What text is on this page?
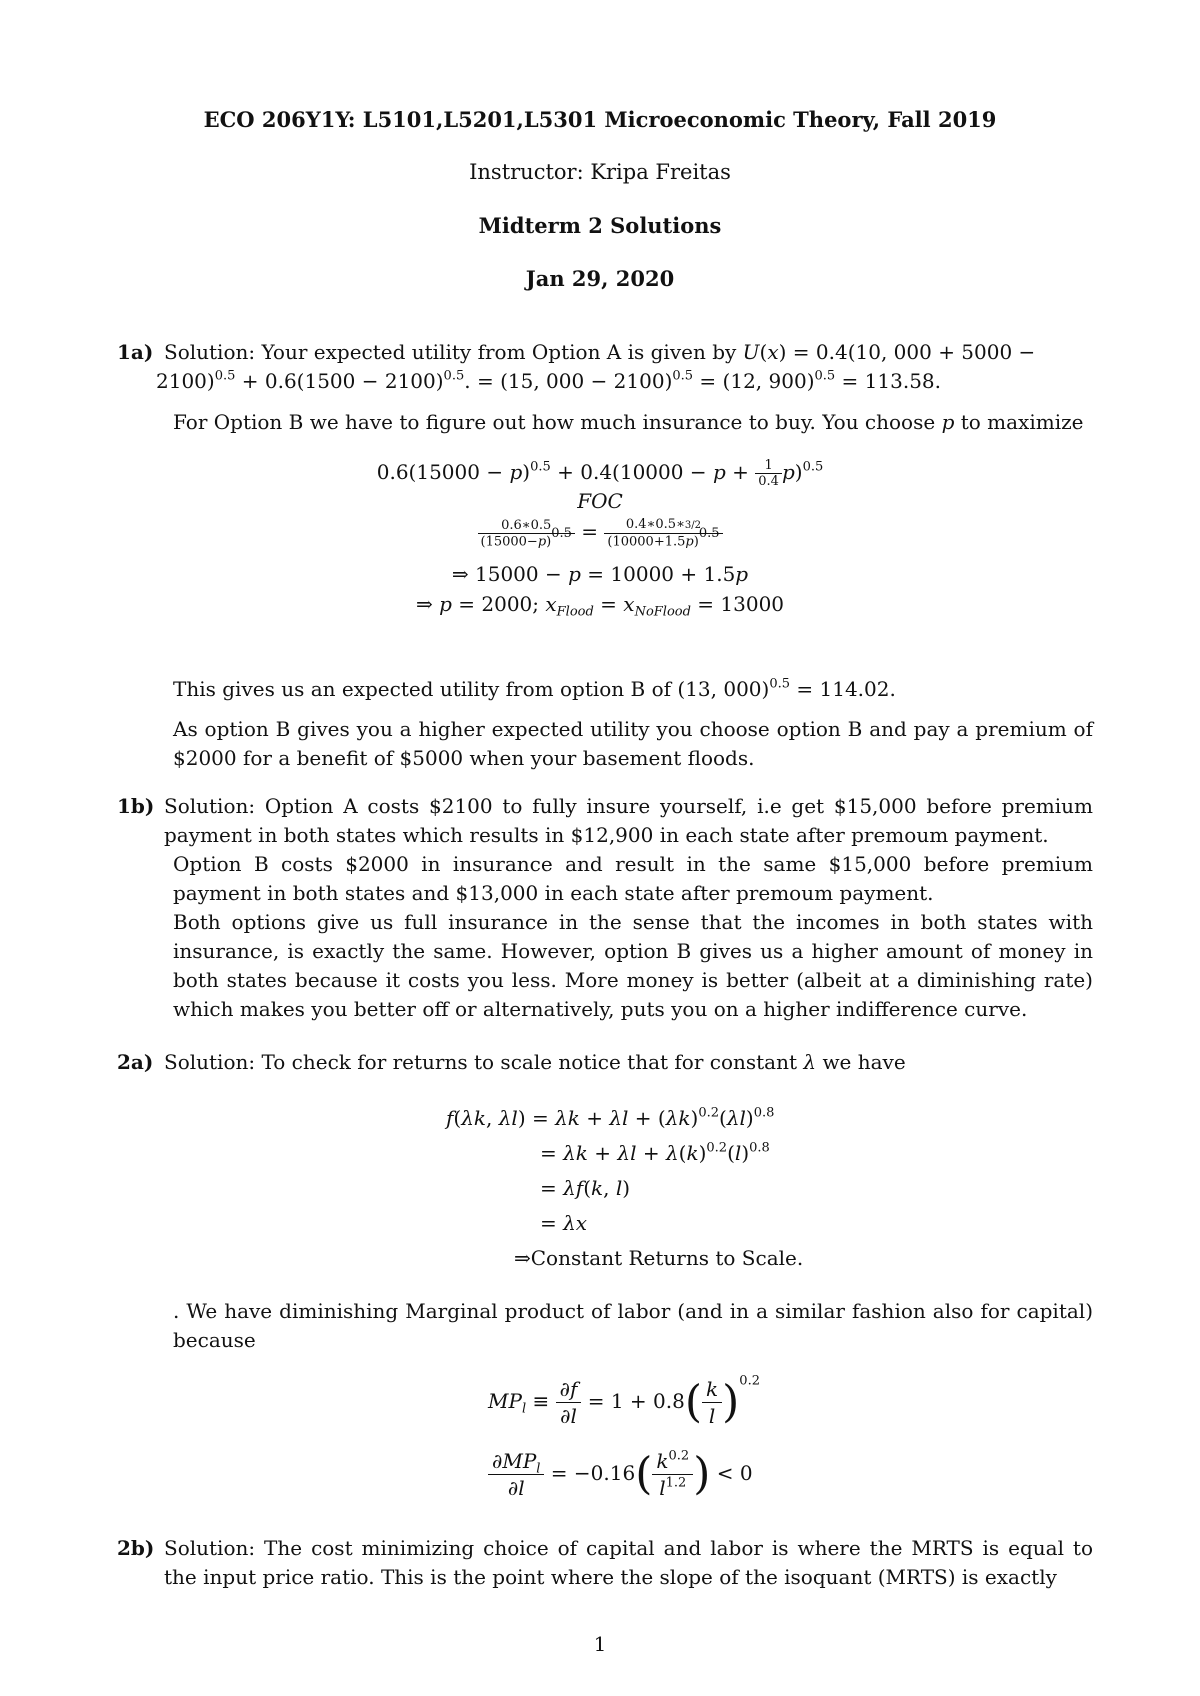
ECO 206Y1Y: L5101,L5201,L5301 Microeconomic Theory, Fall 2019
Instructor: Kripa Freitas
Midterm 2 Solutions
Jan 29, 2020
1a) Solution: Your expected utility from Option A is given by U(x) = 0.4(10, 000 + 5000 −
$2100)^{0.5} + 0.6(1500 - 2100)^{0.5}$. = (15, 000 − 2100)$^{0.5}$ = (12, 900)$^{0.5}$ = 113.58.
For Option B we have to figure out how much insurance to buy. You choose p to maximize
$0.6(15000 - p)^{0.5} + 0.4(10000 - p + \frac{1}{0.4} p)^{0.5}$
FOC
$\frac{0.6∗0.5}{(15000-p)^{0.5}} = \frac{0.4∗0.5∗3/2}{(10000+1.5p)^{0.5}}$
⇒ 15000 − p = 10000 + 1.5p
⇒ p = 2000; $x_{Flood} = x_{NoFlood} = 13000$
This gives us an expected utility from option B of (13, 000)$^{0.5}$ = 114.02.
As option B gives you a higher expected utility you choose option B and pay a premium of $2000 for a benefit of $5000 when your basement floods.
1b) Solution: Option A costs $2100 to fully insure yourself, i.e get $15,000 before premium payment in both states which results in $12,900 in each state after premoum payment.
Option B costs $2000 in insurance and result in the same $15,000 before premium payment in both states and $13,000 in each state after premoum payment.
Both options give us full insurance in the sense that the incomes in both states with insurance, is exactly the same. However, option B gives us a higher amount of money in both states because it costs you less. More money is better (albeit at a diminishing rate) which makes you better off or alternatively, puts you on a higher indifference curve.
2a) Solution: To check for returns to scale notice that for constant λ we have
f(λk, $\lambda l) = \lambda k + \lambda l + (\lambda k)^{0.2}(\lambda l)^{0.8}$
= $\lambda k + \lambda l + \lambda(k)^{0.2}(l)^{0.8}$
= λf(k, l)
= λx
⇒Constant Returns to Scale.
. We have diminishing Marginal product of labor (and in a similar fashion also for capital) because
$MP_l \equiv \frac{\partial f}{\partial l} = 1 + 0.8( \frac{k}{l} )^{0.2}$
$\partial MP_l$
∂l
= $-0.16( \frac{k^{0.2}}{l^{1.2}}$ ) < 0
2b) Solution: The cost minimizing choice of capital and labor is where the MRTS is equal to the input price ratio. This is the point where the slope of the isoquant (MRTS) is exactly
1
